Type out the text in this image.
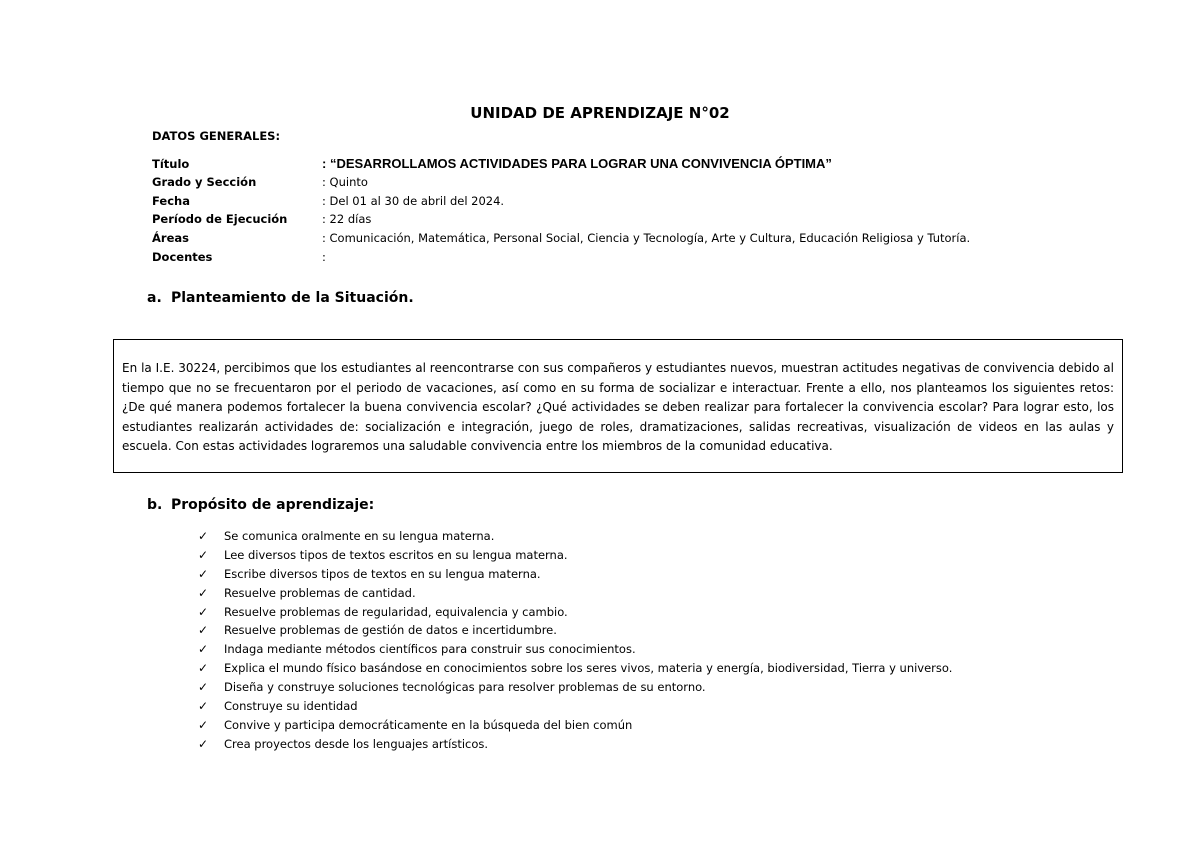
UNIDAD DE APRENDIZAJE N°02
DATOS GENERALES:
Título	: “DESARROLLAMOS ACTIVIDADES PARA LOGRAR UNA CONVIVENCIA ÓPTIMA”
Grado y Sección	: Quinto
Fecha	: Del 01 al 30 de abril del 2024.
Período de Ejecución	: 22 días
Áreas	: Comunicación, Matemática, Personal Social, Ciencia y Tecnología, Arte y Cultura, Educación Religiosa y Tutoría.
Docentes	:
a. Planteamiento de la Situación.

En la I.E. 30224, percibimos que los estudiantes al reencontrarse con sus compañeros y estudiantes nuevos, muestran actitudes negativas de convivencia debido al tiempo que no se frecuentaron por el periodo de vacaciones, así como en su forma de socializar e interactuar. Frente a ello, nos planteamos los siguientes retos: ¿De qué manera podemos fortalecer la buena convivencia escolar? ¿Qué actividades se deben realizar para fortalecer la convivencia escolar? Para lograr esto, los estudiantes realizarán actividades de: socialización e integración, juego de roles, dramatizaciones, salidas recreativas, visualización de videos en las aulas y escuela. Con estas actividades lograremos una saludable convivencia entre los miembros de la comunidad educativa.

b. Propósito de aprendizaje:
✓	Se comunica oralmente en su lengua materna.
✓	Lee diversos tipos de textos escritos en su lengua materna.
✓	Escribe diversos tipos de textos en su lengua materna.
✓	Resuelve problemas de cantidad.
✓	Resuelve problemas de regularidad, equivalencia y cambio.
✓	Resuelve problemas de gestión de datos e incertidumbre.
✓	Indaga mediante métodos científicos para construir sus conocimientos.
✓	Explica el mundo físico basándose en conocimientos sobre los seres vivos, materia y energía, biodiversidad, Tierra y universo.
✓	Diseña y construye soluciones tecnológicas para resolver problemas de su entorno.
✓	Construye su identidad
✓	Convive y participa democráticamente en la búsqueda del bien común
✓	Crea proyectos desde los lenguajes artísticos.
